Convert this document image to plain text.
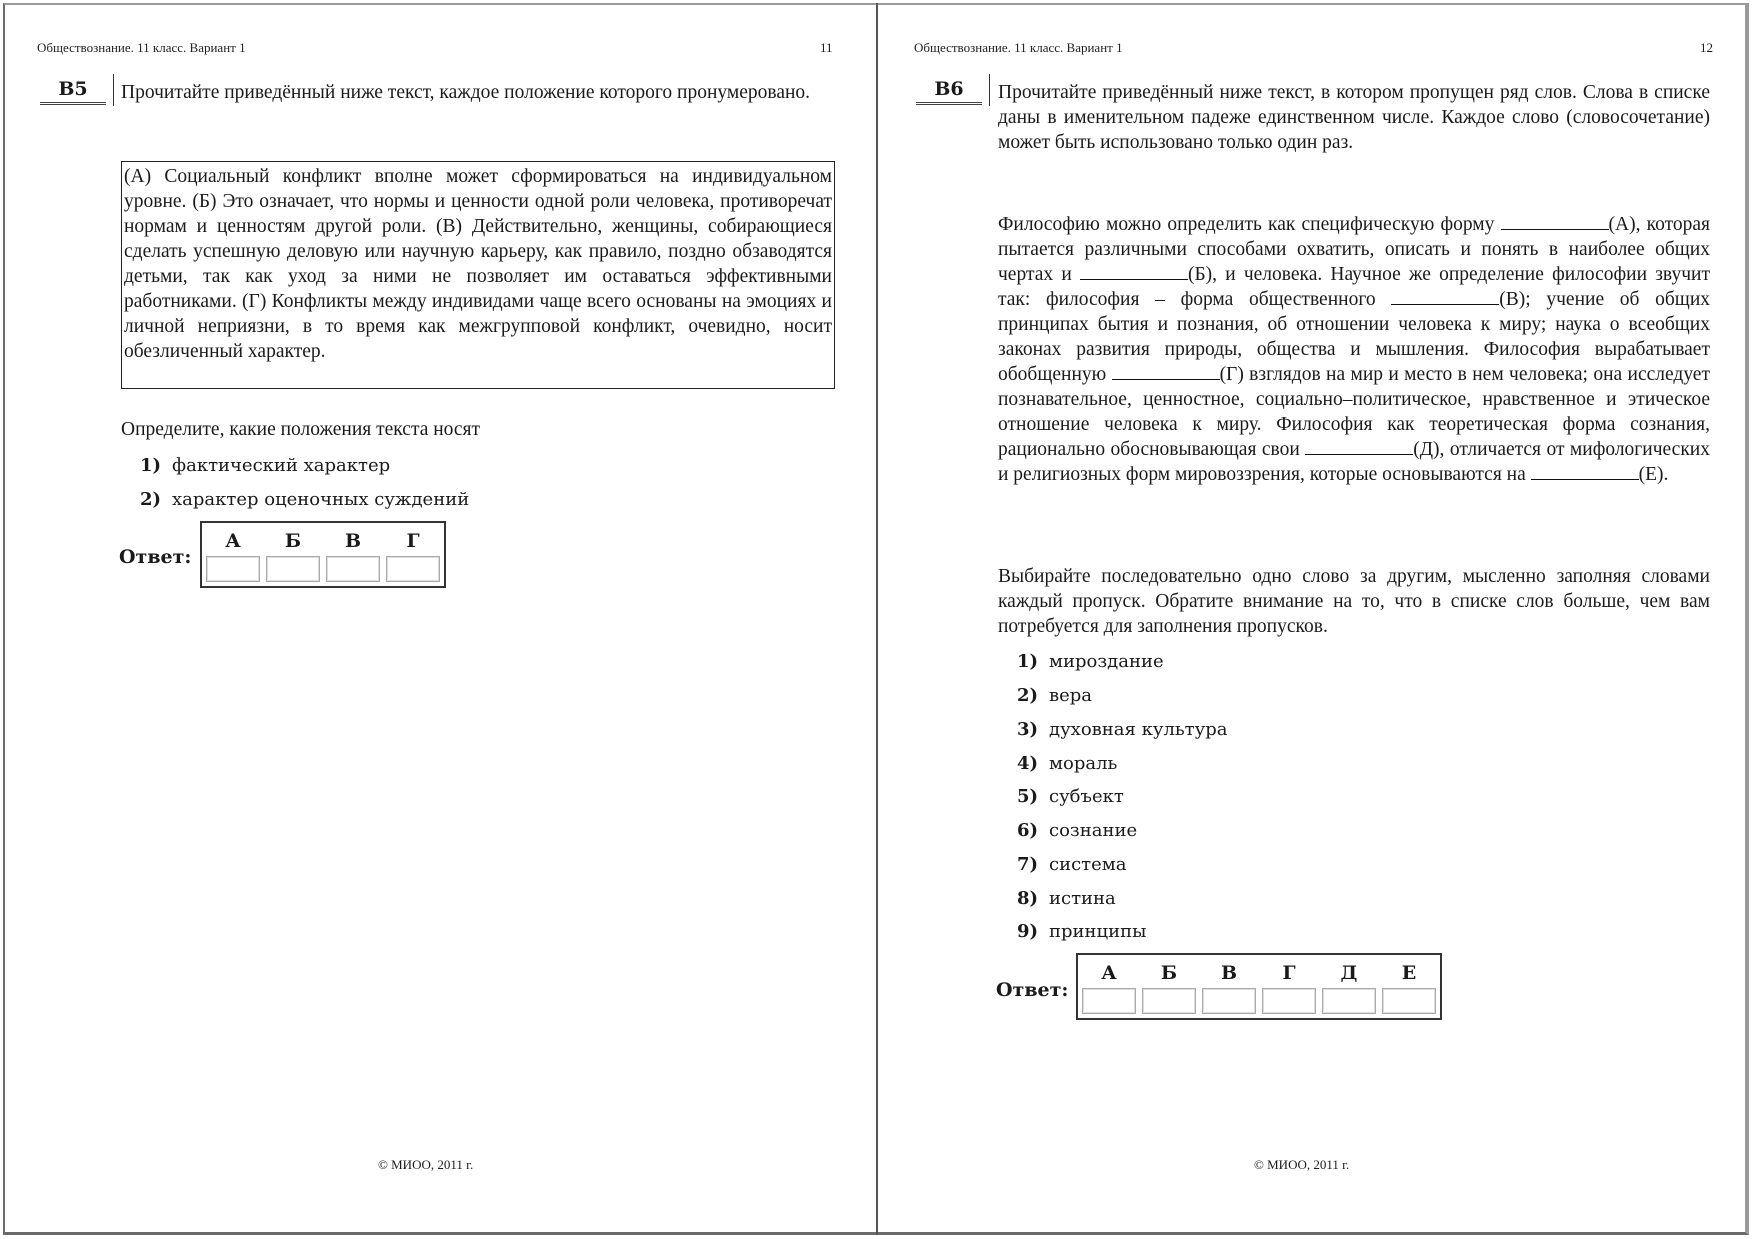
Обществознание. 11 класс. Вариант 1	11
B5	Прочитайте приведённый ниже текст, каждое положение которого пронумеровано.
(А) Социальный конфликт вполне может сформироваться на индивидуальном уровне. (Б) Это означает, что нормы и ценности одной роли человека, противоречат нормам и ценностям другой роли. (В) Действительно, женщины, собирающиеся сделать успешную деловую или научную карьеру, как правило, поздно обзаводятся детьми, так как уход за ними не позволяет им оставаться эффективными работниками. (Г) Конфликты между индивидами чаще всего основаны на эмоциях и личной неприязни, в то время как межгрупповой конфликт, очевидно, носит обезличенный характер.
Определите, какие положения текста носят
1) фактический характер
2) характер оценочных суждений
Ответ:
А Б В Г
© МИОО, 2011 г.
Обществознание. 11 класс. Вариант 1	12
B6	Прочитайте приведённый ниже текст, в котором пропущен ряд слов. Слова в списке даны в именительном падеже единственном числе. Каждое слово (словосочетание) может быть использовано только один раз.
Философию можно определить как специфическую форму	(А), которая пытается различными способами охватить, описать и понять в наиболее общих чертах и	(Б), и человека. Научное же определение философии звучит так: философия – форма общественного	(В); учение об общих принципах бытия и познания, об отношении человека к миру; наука о всеобщих законах развития природы, общества и мышления. Философия вырабатывает обобщенную	(Г) взглядов на мир и место в нем человека; она исследует познавательное, ценностное, социально–политическое, нравственное и этическое отношение человека к миру. Философия как теоретическая форма сознания, рационально обосновывающая свои	(Д), отличается от мифологических и религиозных форм мировоззрения, которые основываются на	(Е).
Выбирайте последовательно одно слово за другим, мысленно заполняя словами каждый пропуск. Обратите внимание на то, что в списке слов больше, чем вам потребуется для заполнения пропусков.
1) мироздание
2) вера
3) духовная культура
4) мораль
5) субъект
6) сознание
7) система
8) истина
9) принципы
Ответ:
А Б В Г Д Е
© МИОО, 2011 г.
